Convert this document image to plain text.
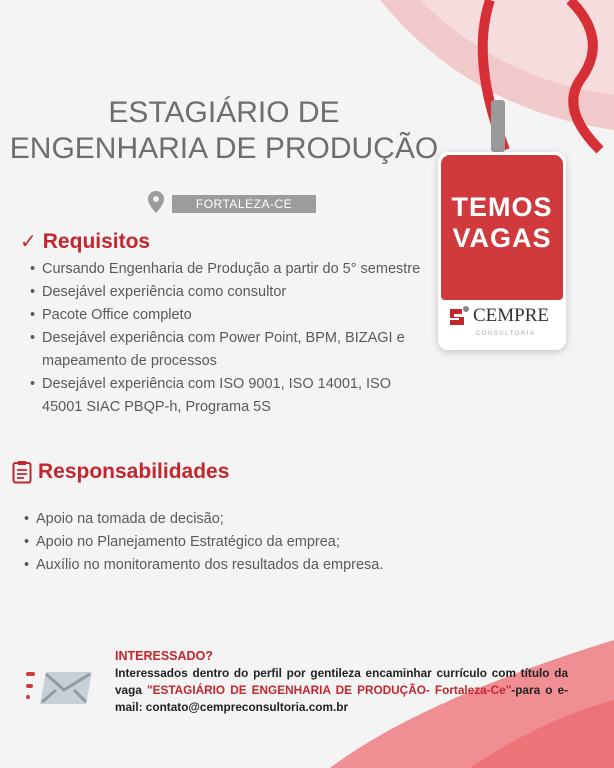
ESTAGIÁRIO DE
ENGENHARIA DE PRODUÇÃO
FORTALEZA-CE
✓ Requisitos
• Cursando Engenharia de Produção a partir do 5° semestre
• Desejável experiência como consultor
• Pacote Office completo
• Desejável experiência com Power Point, BPM, BIZAGI e mapeamento de processos
• Desejável experiência com ISO 9001, ISO 14001, ISO 45001 SIAC PBQP-h, Programa 5S
Responsabilidades
• Apoio na tomada de decisão;
• Apoio no Planejamento Estratégico da emprea;
• Auxílio no monitoramento dos resultados da empresa.
TEMOS
VAGAS
CEMPRE
CONSULTORIA
INTERESSADO?
Interessados dentro do perfil por gentileza encaminhar currículo com título da vaga "ESTAGIÁRIO DE ENGENHARIA DE PRODUÇÃO- Fortaleza-Ce"-para o e-mail: contato@cempreconsultoria.com.br
